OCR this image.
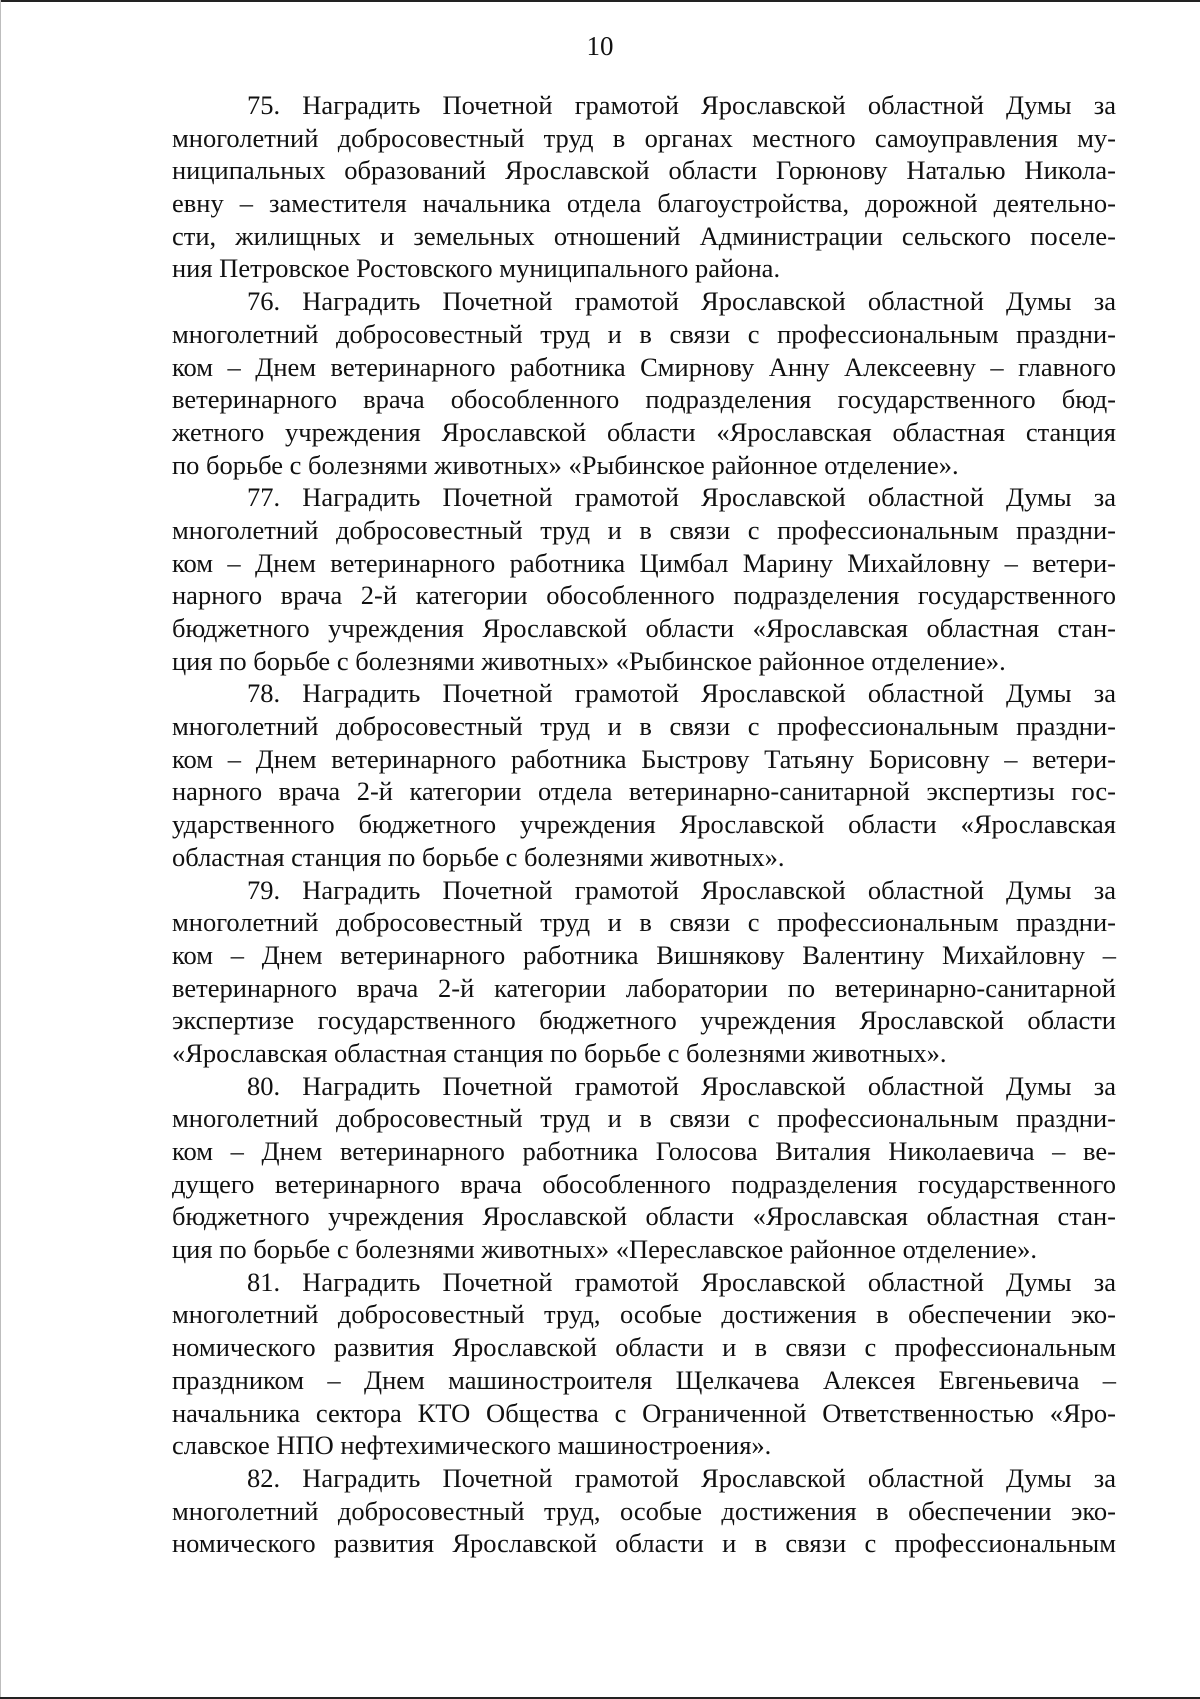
10
75. Наградить Почетной грамотой Ярославской областной Думы за
многолетний добросовестный труд в органах местного самоуправления му-
ниципальных образований Ярославской области Горюнову Наталью Никола-
евну – заместителя начальника отдела благоустройства, дорожной деятельно-
сти, жилищных и земельных отношений Администрации сельского поселе-
ния Петровское Ростовского муниципального района.
76. Наградить Почетной грамотой Ярославской областной Думы за
многолетний добросовестный труд и в связи с профессиональным праздни-
ком – Днем ветеринарного работника Смирнову Анну Алексеевну – главного
ветеринарного врача обособленного подразделения государственного бюд-
жетного учреждения Ярославской области «Ярославская областная станция
по борьбе с болезнями животных» «Рыбинское районное отделение».
77. Наградить Почетной грамотой Ярославской областной Думы за
многолетний добросовестный труд и в связи с профессиональным праздни-
ком – Днем ветеринарного работника Цимбал Марину Михайловну – ветери-
нарного врача 2-й категории обособленного подразделения государственного
бюджетного учреждения Ярославской области «Ярославская областная стан-
ция по борьбе с болезнями животных» «Рыбинское районное отделение».
78. Наградить Почетной грамотой Ярославской областной Думы за
многолетний добросовестный труд и в связи с профессиональным праздни-
ком – Днем ветеринарного работника Быстрову Татьяну Борисовну – ветери-
нарного врача 2-й категории отдела ветеринарно-санитарной экспертизы гос-
ударственного бюджетного учреждения Ярославской области «Ярославская
областная станция по борьбе с болезнями животных».
79. Наградить Почетной грамотой Ярославской областной Думы за
многолетний добросовестный труд и в связи с профессиональным праздни-
ком – Днем ветеринарного работника Вишнякову Валентину Михайловну –
ветеринарного врача 2-й категории лаборатории по ветеринарно-санитарной
экспертизе государственного бюджетного учреждения Ярославской области
«Ярославская областная станция по борьбе с болезнями животных».
80. Наградить Почетной грамотой Ярославской областной Думы за
многолетний добросовестный труд и в связи с профессиональным праздни-
ком – Днем ветеринарного работника Голосова Виталия Николаевича – ве-
дущего ветеринарного врача обособленного подразделения государственного
бюджетного учреждения Ярославской области «Ярославская областная стан-
ция по борьбе с болезнями животных» «Переславское районное отделение».
81. Наградить Почетной грамотой Ярославской областной Думы за
многолетний добросовестный труд, особые достижения в обеспечении эко-
номического развития Ярославской области и в связи с профессиональным
праздником – Днем машиностроителя Щелкачева Алексея Евгеньевича –
начальника сектора КТО Общества с Ограниченной Ответственностью «Яро-
славское НПО нефтехимического машиностроения».
82. Наградить Почетной грамотой Ярославской областной Думы за
многолетний добросовестный труд, особые достижения в обеспечении эко-
номического развития Ярославской области и в связи с профессиональным
